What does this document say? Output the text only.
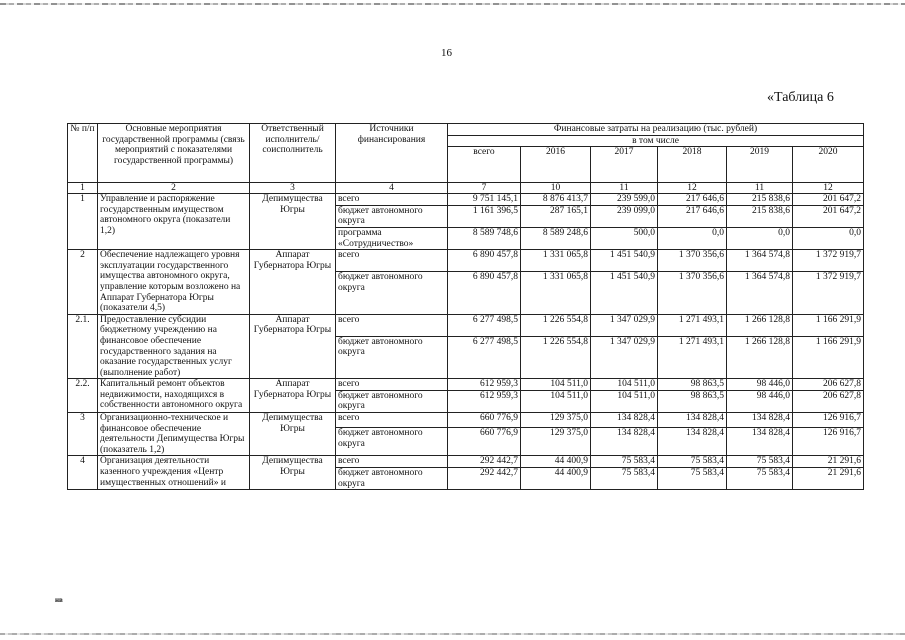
16
«Таблица 6
№ п/п	Основные мероприятия государственной программы (связь мероприятий с показателями государственной программы)	Ответственный исполнитель/ соисполнитель	Источники финансирования	Финансовые затраты на реализацию (тыс. рублей)					
				в том числе					
				всего	2016	2017	2018	2019	2020
1	2	3	4	7	10	11	12	11	12
1	Управление и распоряжение государственным имуществом автономного округа (показатели 1,2)	Депимущества Югры	всего	9 751 145,1	8 876 413,7	239 599,0	217 646,6	215 838,6	201 647,2
			бюджет автономного округа	1 161 396,5	287 165,1	239 099,0	217 646,6	215 838,6	201 647,2
			программа «Сотрудничество»	8 589 748,6	8 589 248,6	500,0	0,0	0,0	0,0
2	Обеспечение надлежащего уровня эксплуатации государственного имущества автономного округа, управление которым возложено на Аппарат Губернатора Югры (показатели 4,5)	Аппарат Губернатора Югры	всего	6 890 457,8	1 331 065,8	1 451 540,9	1 370 356,6	1 364 574,8	1 372 919,7
			бюджет автономного округа	6 890 457,8	1 331 065,8	1 451 540,9	1 370 356,6	1 364 574,8	1 372 919,7
2.1.	Предоставление субсидии бюджетному учреждению на финансовое обеспечение государственного задания на оказание государственных услуг (выполнение работ)	Аппарат Губернатора Югры	всего	6 277 498,5	1 226 554,8	1 347 029,9	1 271 493,1	1 266 128,8	1 166 291,9
			бюджет автономного округа	6 277 498,5	1 226 554,8	1 347 029,9	1 271 493,1	1 266 128,8	1 166 291,9
2.2.	Капитальный ремонт объектов недвижимости, находящихся в собственности автономного округа	Аппарат Губернатора Югры	всего	612 959,3	104 511,0	104 511,0	98 863,5	98 446,0	206 627,8
			бюджет автономного округа	612 959,3	104 511,0	104 511,0	98 863,5	98 446,0	206 627,8
3	Организационно-техническое и финансовое обеспечение деятельности Депимущества Югры (показатель 1,2)	Депимущества Югры	всего	660 776,9	129 375,0	134 828,4	134 828,4	134 828,4	126 916,7
			бюджет автономного округа	660 776,9	129 375,0	134 828,4	134 828,4	134 828,4	126 916,7
4	Организация деятельности казенного учреждения «Центр имущественных отношений» и	Депимущества Югры	всего	292 442,7	44 400,9	75 583,4	75 583,4	75 583,4	21 291,6
			бюджет автономного округа	292 442,7	44 400,9	75 583,4	75 583,4	75 583,4	21 291,6
нв
